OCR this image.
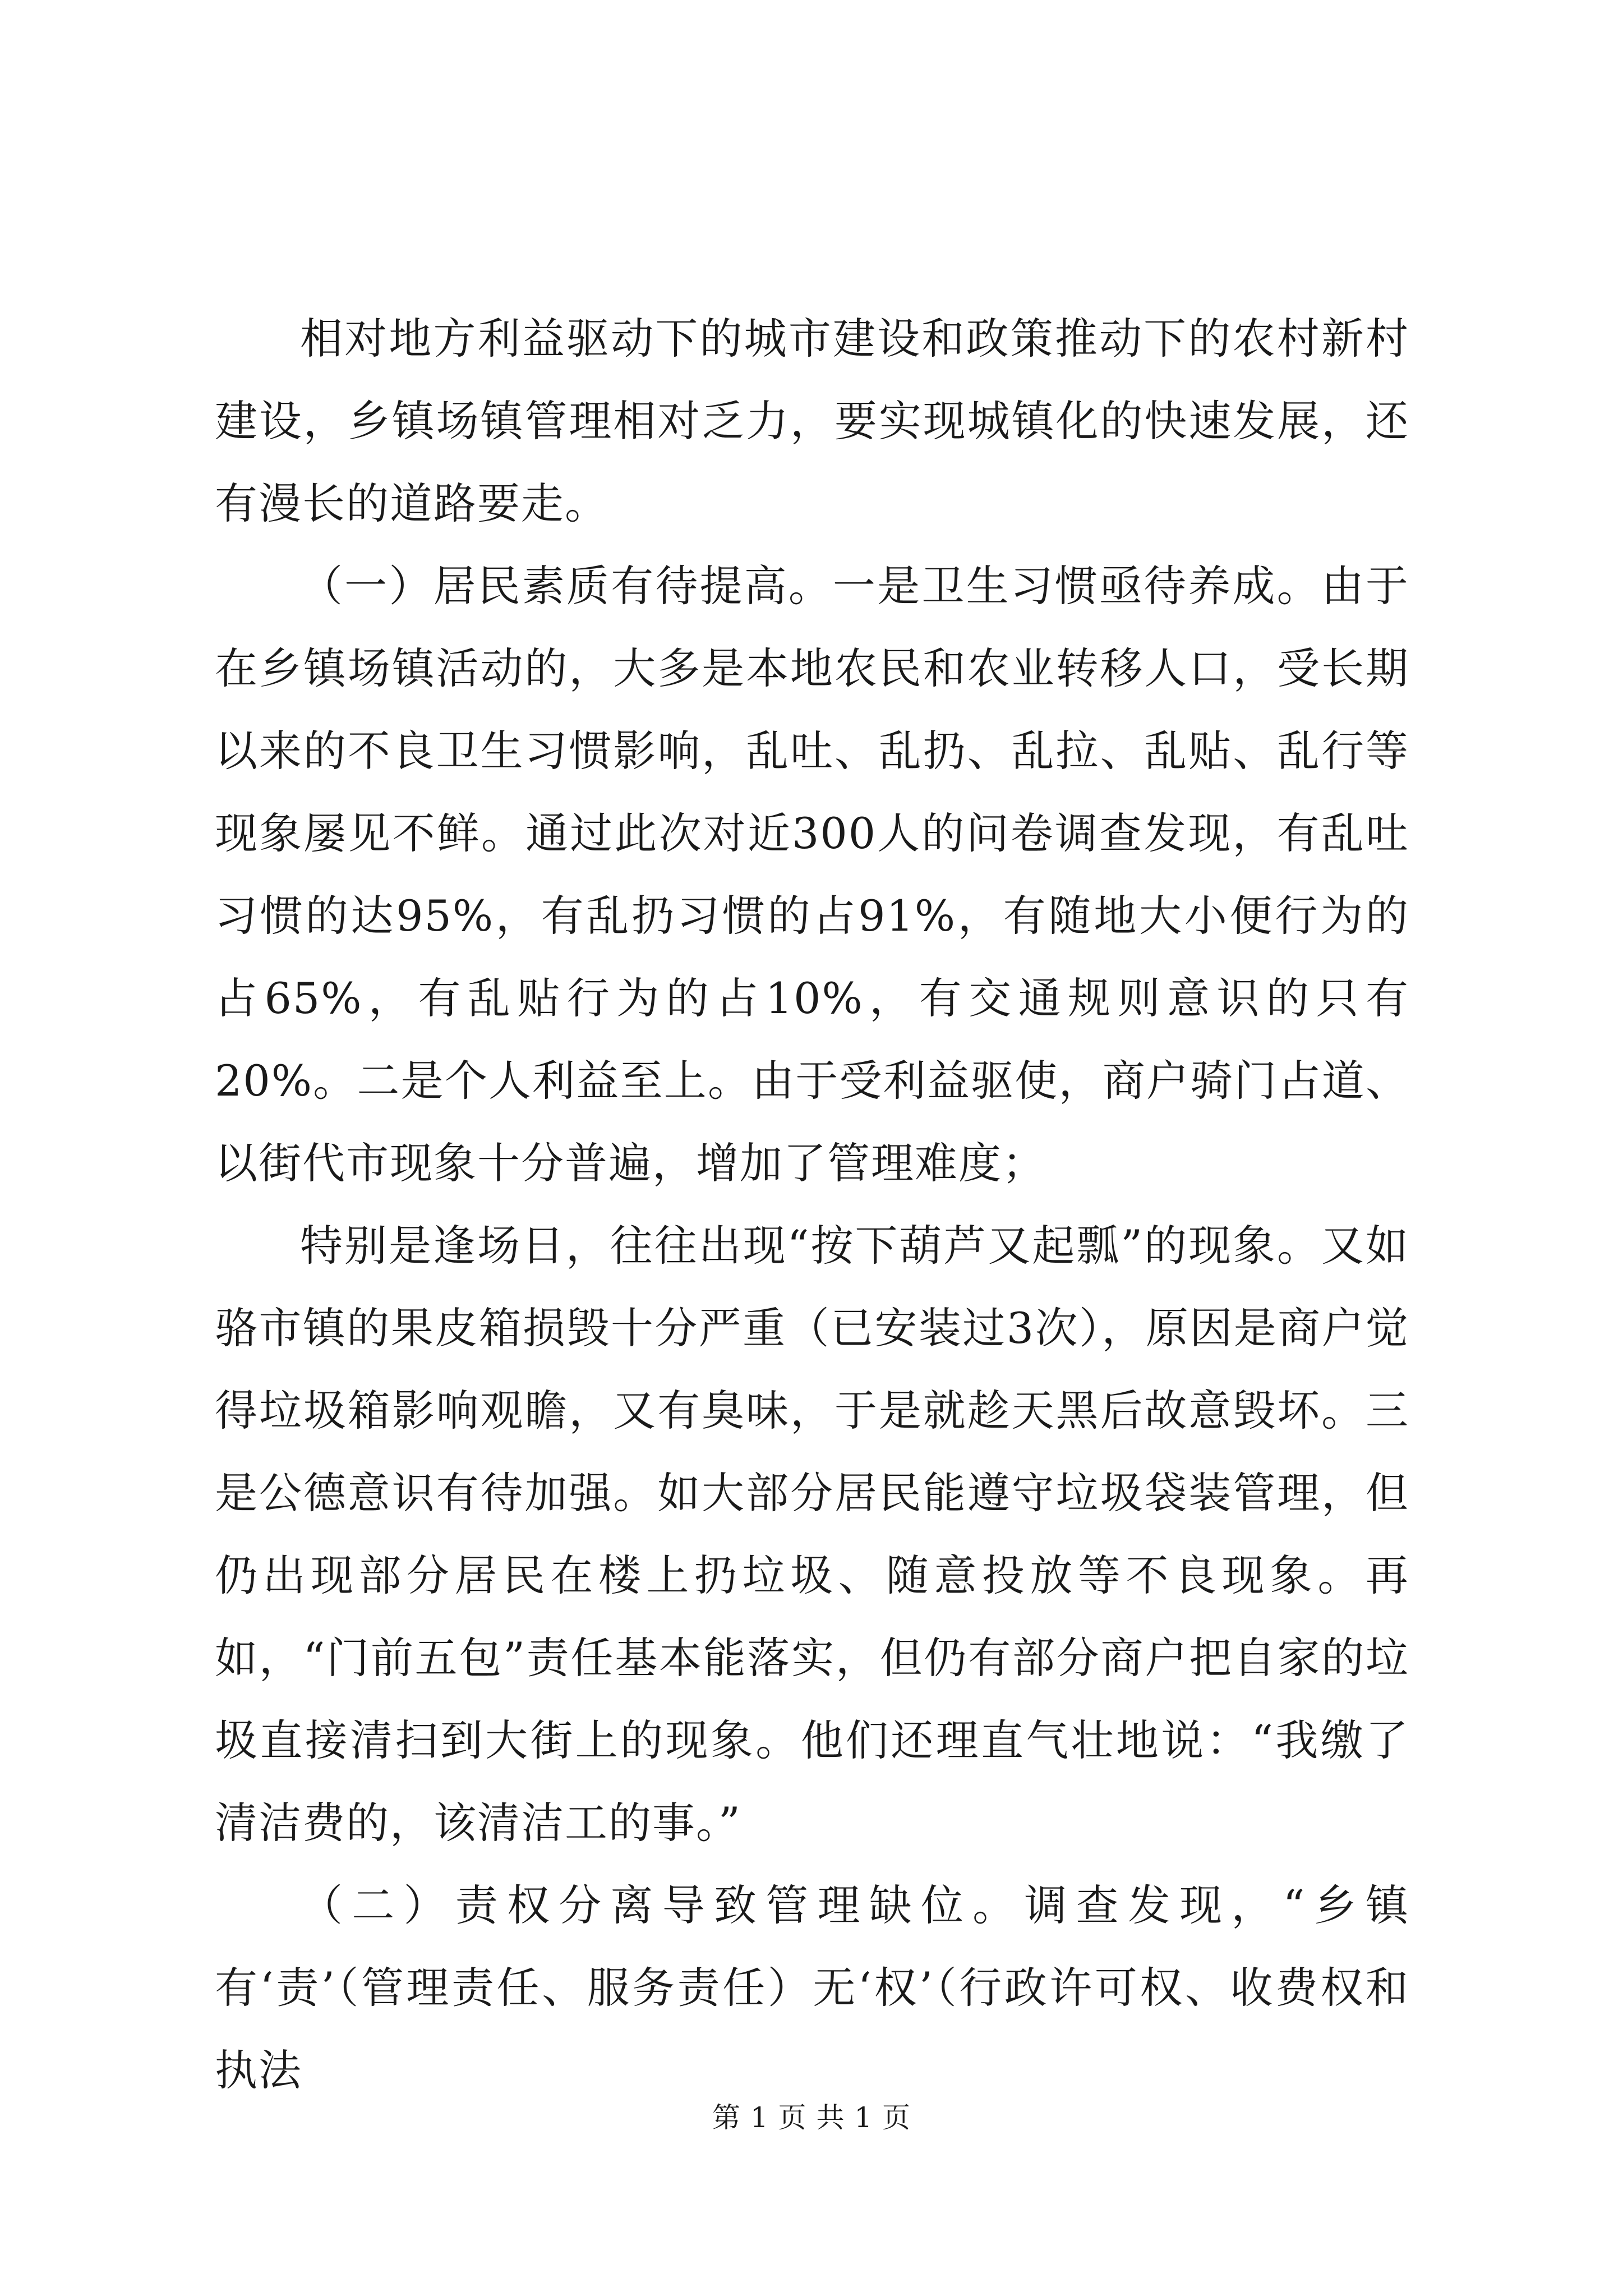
相对地方利益驱动下的城市建设和政策推动下的农村新村建设，乡镇场镇管理相对乏力，要实现城镇化的快速发展，还有漫长的道路要走。

（一）居民素质有待提高。一是卫生习惯亟待养成。由于在乡镇场镇活动的，大多是本地农民和农业转移人口，受长期以来的不良卫生习惯影响，乱吐、乱扔、乱拉、乱贴、乱行等现象屡见不鲜。通过此次对近300人的问卷调查发现，有乱吐习惯的达95%，有乱扔习惯的占91%，有随地大小便行为的占65%，有乱贴行为的占10%，有交通规则意识的只有20%。二是个人利益至上。由于受利益驱使，商户骑门占道、以街代市现象十分普遍，增加了管理难度；

特别是逢场日，往往出现“按下葫芦又起瓢”的现象。又如骆市镇的果皮箱损毁十分严重（已安装过3次），原因是商户觉得垃圾箱影响观瞻，又有臭味，于是就趁天黑后故意毁坏。三是公德意识有待加强。如大部分居民能遵守垃圾袋装管理，但仍出现部分居民在楼上扔垃圾、随意投放等不良现象。再如，“门前五包”责任基本能落实，但仍有部分商户把自家的垃圾直接清扫到大街上的现象。他们还理直气壮地说：“我缴了清洁费的，该清洁工的事。”

（二）责权分离导致管理缺位。调查发现，“乡镇有‘责’（管理责任、服务责任）无‘权’（行政许可权、收费权和执法

第 1 页 共 1 页
